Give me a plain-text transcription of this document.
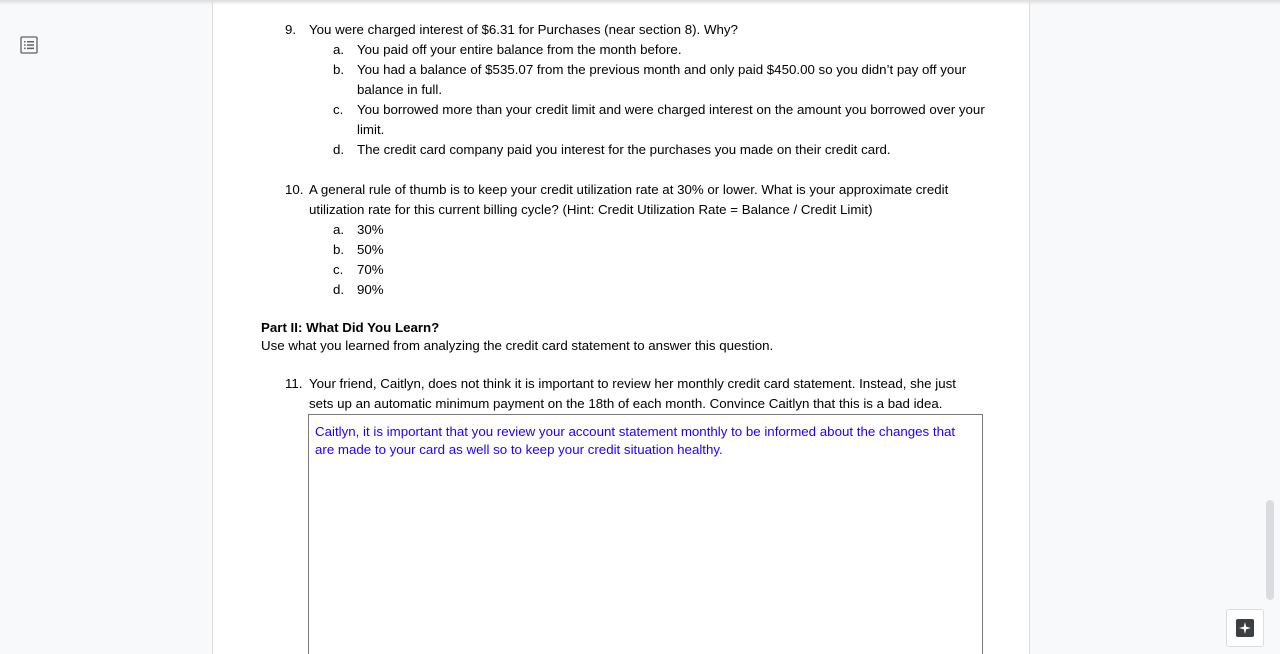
9. You were charged interest of $6.31 for Purchases (near section 8). Why?
a. You paid off your entire balance from the month before.
b. You had a balance of $535.07 from the previous month and only paid $450.00 so you didn’t pay off your balance in full.
c. You borrowed more than your credit limit and were charged interest on the amount you borrowed over your limit.
d. The credit card company paid you interest for the purchases you made on their credit card.
10. A general rule of thumb is to keep your credit utilization rate at 30% or lower. What is your approximate credit utilization rate for this current billing cycle? (Hint: Credit Utilization Rate = Balance / Credit Limit)
a. 30%
b. 50%
c. 70%
d. 90%
Part II: What Did You Learn?
Use what you learned from analyzing the credit card statement to answer this question.
11. Your friend, Caitlyn, does not think it is important to review her monthly credit card statement. Instead, she just sets up an automatic minimum payment on the 18th of each month. Convince Caitlyn that this is a bad idea.
Caitlyn, it is important that you review your account statement monthly to be informed about the changes that are made to your card as well so to keep your credit situation healthy.
